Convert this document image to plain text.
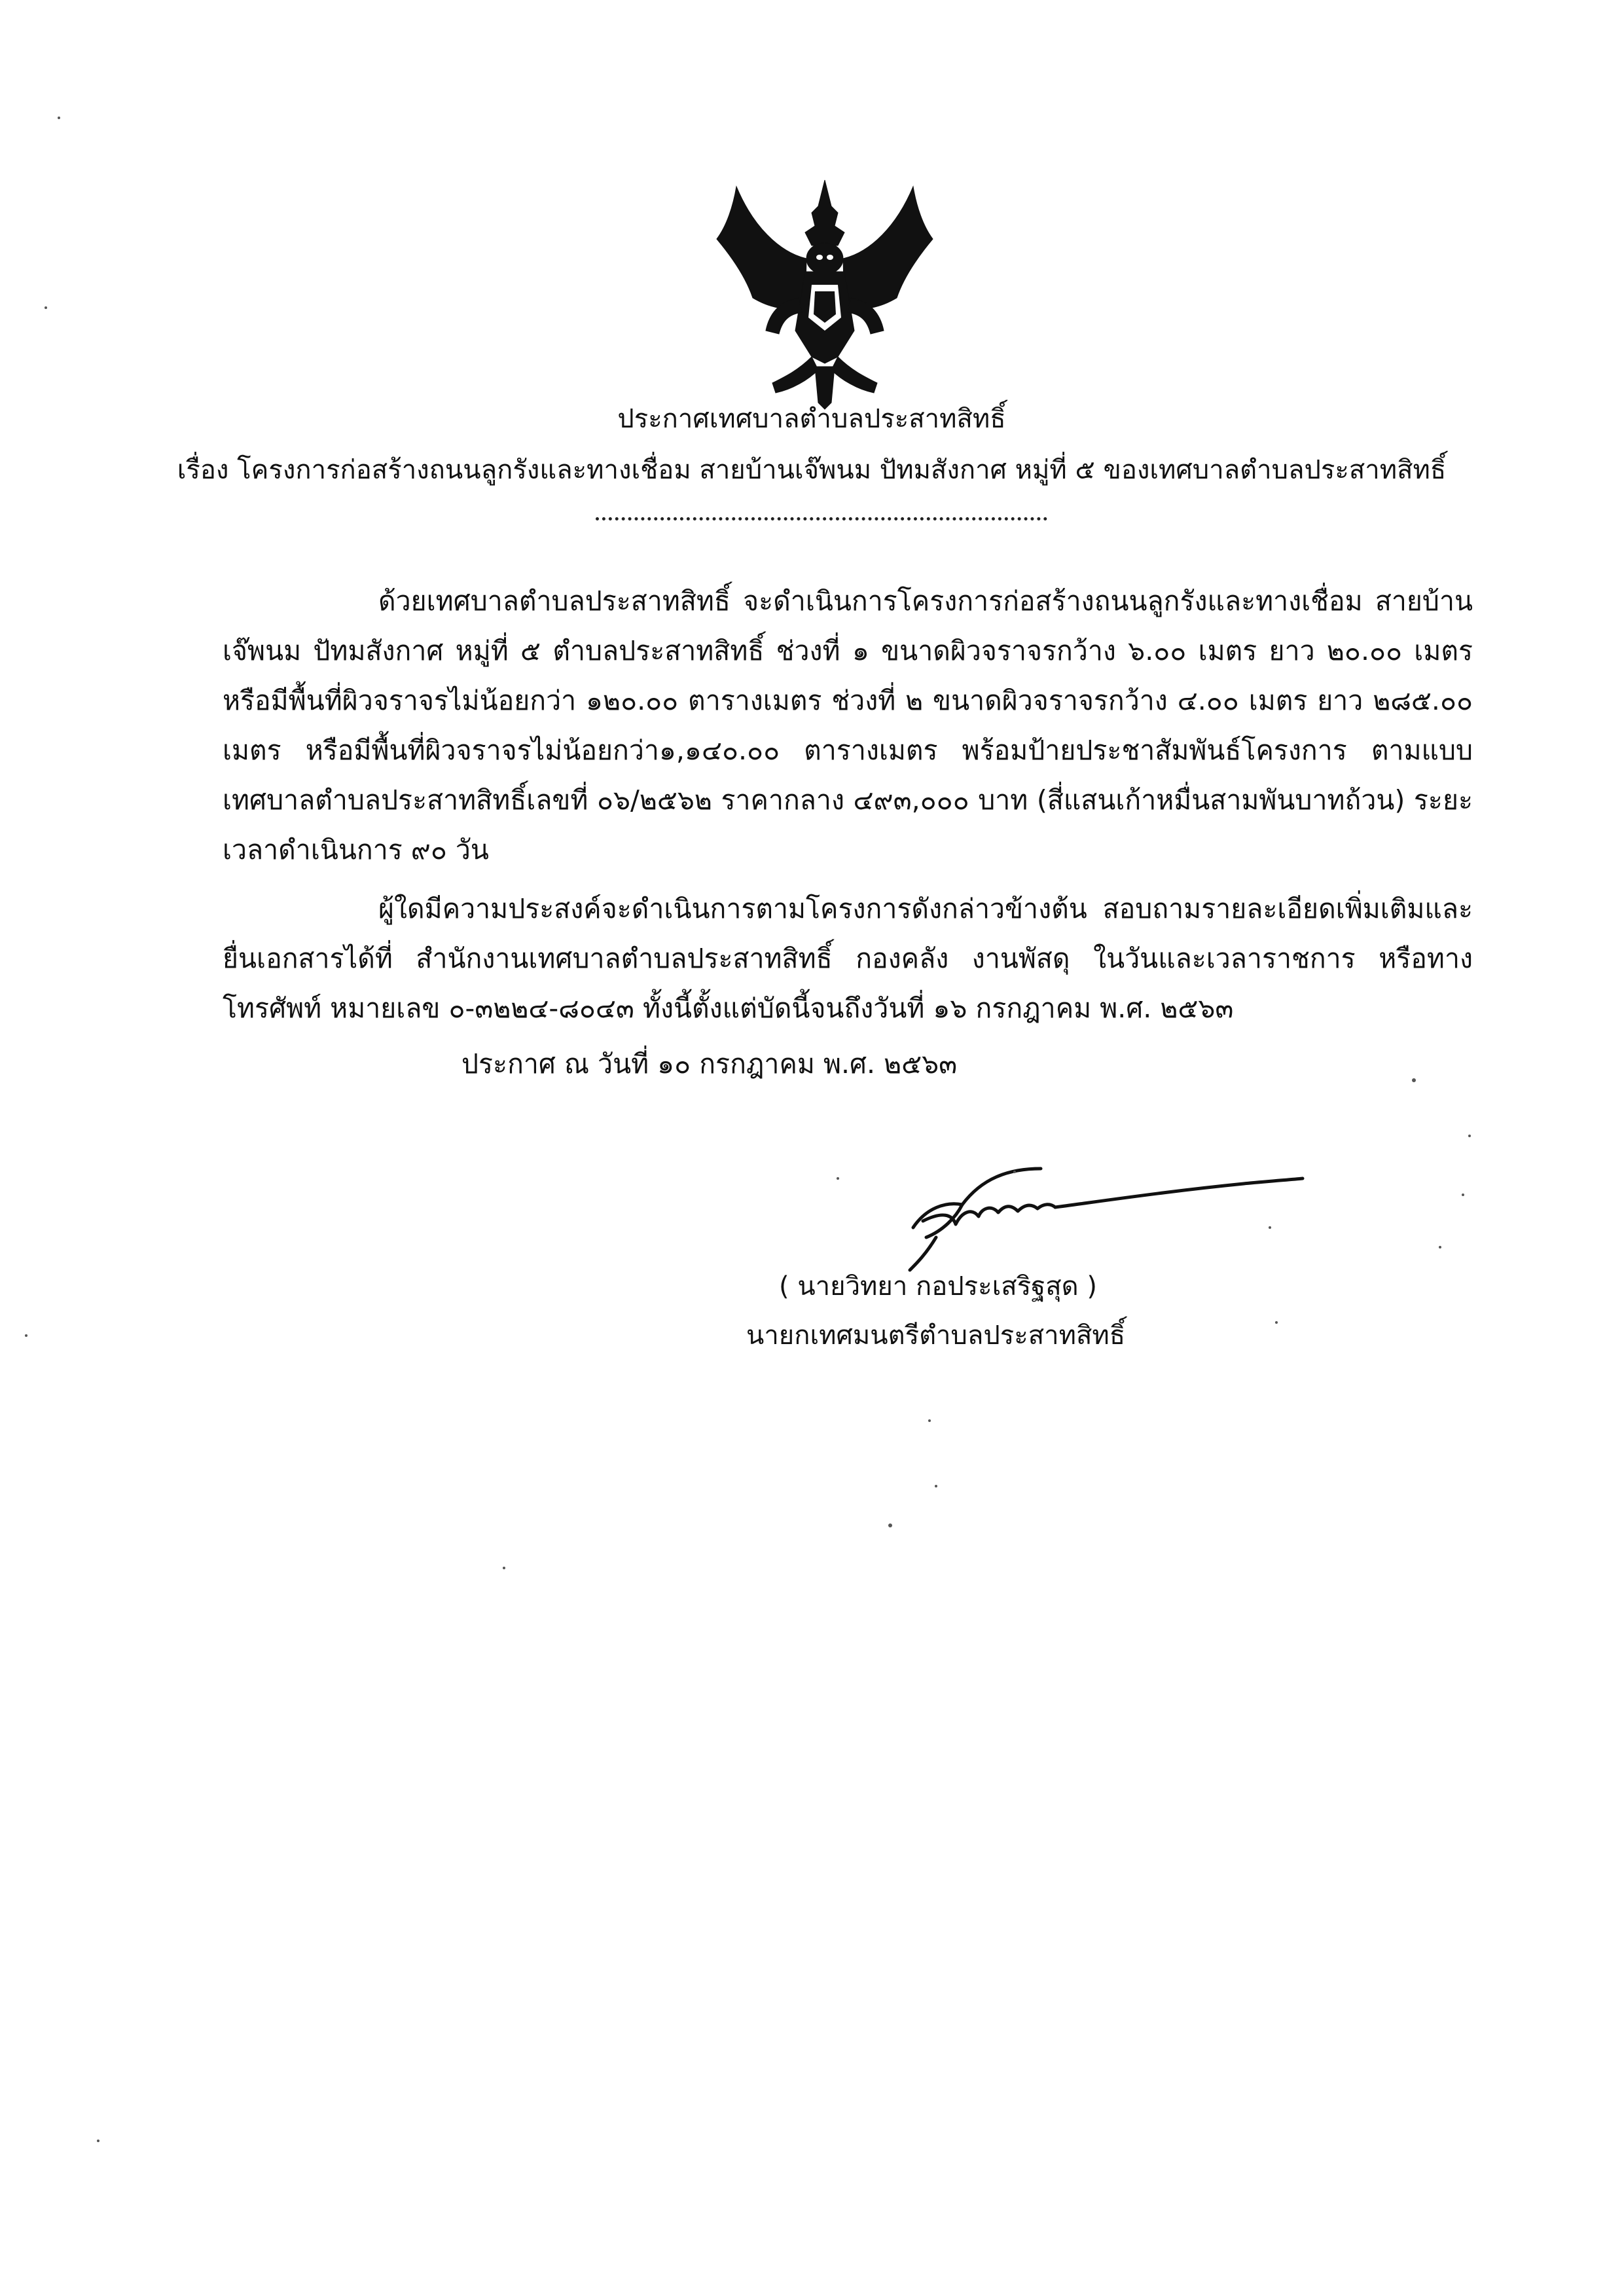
ประกาศเทศบาลตำบลประสาทสิทธิ์
เรื่อง โครงการก่อสร้างถนนลูกรังและทางเชื่อม สายบ้านเจ๊พนม ปัทมสังกาศ หมู่ที่ ๕ ของเทศบาลตำบลประสาทสิทธิ์

ด้วยเทศบาลตำบลประสาทสิทธิ์ จะดำเนินการโครงการก่อสร้างถนนลูกรังและทางเชื่อม สายบ้านเจ๊พนม ปัทมสังกาศ หมู่ที่ ๕ ตำบลประสาทสิทธิ์ ช่วงที่ ๑ ขนาดผิวจราจรกว้าง ๖.๐๐ เมตร ยาว ๒๐.๐๐ เมตร หรือมีพื้นที่ผิวจราจรไม่น้อยกว่า ๑๒๐.๐๐ ตารางเมตร ช่วงที่ ๒ ขนาดผิวจราจรกว้าง ๔.๐๐ เมตร ยาว ๒๘๕.๐๐ เมตร หรือมีพื้นที่ผิวจราจรไม่น้อยกว่า๑,๑๔๐.๐๐ ตารางเมตร พร้อมป้ายประชาสัมพันธ์โครงการ ตามแบบเทศบาลตำบลประสาทสิทธิ์เลขที่ ๐๖/๒๕๖๒ ราคากลาง ๔๙๓,๐๐๐ บาท (สี่แสนเก้าหมื่นสามพันบาทถ้วน) ระยะเวลาดำเนินการ ๙๐ วัน

ผู้ใดมีความประสงค์จะดำเนินการตามโครงการดังกล่าวข้างต้น สอบถามรายละเอียดเพิ่มเติมและยื่นเอกสารได้ที่ สำนักงานเทศบาลตำบลประสาทสิทธิ์ กองคลัง งานพัสดุ ในวันและเวลาราชการ หรือทางโทรศัพท์ หมายเลข ๐-๓๒๒๔-๘๐๔๓ ทั้งนี้ตั้งแต่บัดนี้จนถึงวันที่ ๑๖ กรกฎาคม พ.ศ. ๒๕๖๓

ประกาศ ณ วันที่ ๑๐ กรกฎาคม พ.ศ. ๒๕๖๓
( นายวิทยา กอประเสริฐสุด )
นายกเทศมนตรีตำบลประสาทสิทธิ์
